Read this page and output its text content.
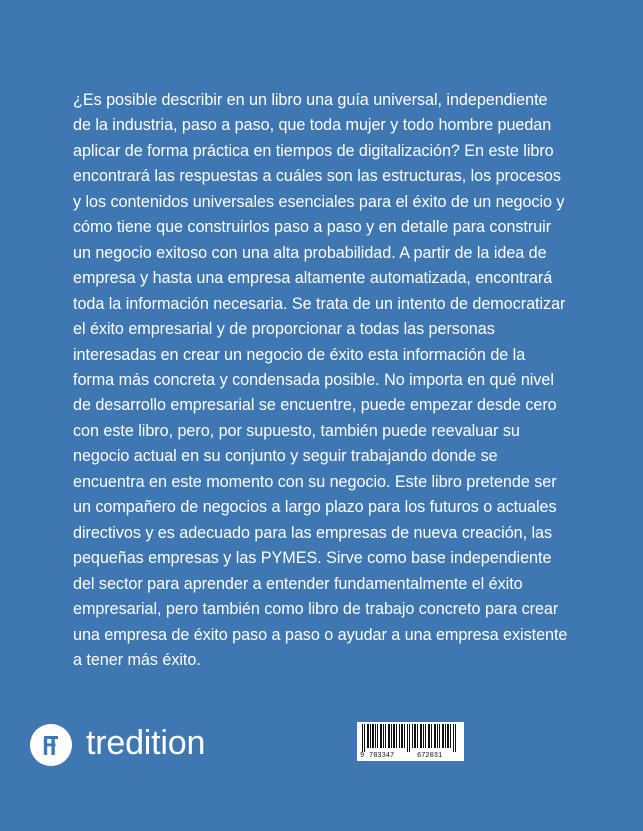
¿Es posible describir en un libro una guía universal, independiente de la industria, paso a paso, que toda mujer y todo hombre puedan aplicar de forma práctica en tiempos de digitalización? En este libro encontrará las respuestas a cuáles son las estructuras, los procesos y los contenidos universales esenciales para el éxito de un negocio y cómo tiene que construirlos paso a paso y en detalle para construir un negocio exitoso con una alta probabilidad. A partir de la idea de empresa y hasta una empresa altamente automatizada, encontrará toda la información necesaria. Se trata de un intento de democratizar el éxito empresarial y de proporcionar a todas las personas interesadas en crear un negocio de éxito esta información de la forma más concreta y condensada posible. No importa en qué nivel de desarrollo empresarial se encuentre, puede empezar desde cero con este libro, pero, por supuesto, también puede reevaluar su negocio actual en su conjunto y seguir trabajando donde se encuentra en este momento con su negocio. Este libro pretende ser un compañero de negocios a largo plazo para los futuros o actuales directivos y es adecuado para las empresas de nueva creación, las pequeñas empresas y las PYMES. Sirve como base independiente del sector para aprender a entender fundamentalmente el éxito empresarial, pero también como libro de trabajo concreto para crear una empresa de éxito paso a paso o ayudar a una empresa existente a tener más éxito.

tredition	9 783347	672031
